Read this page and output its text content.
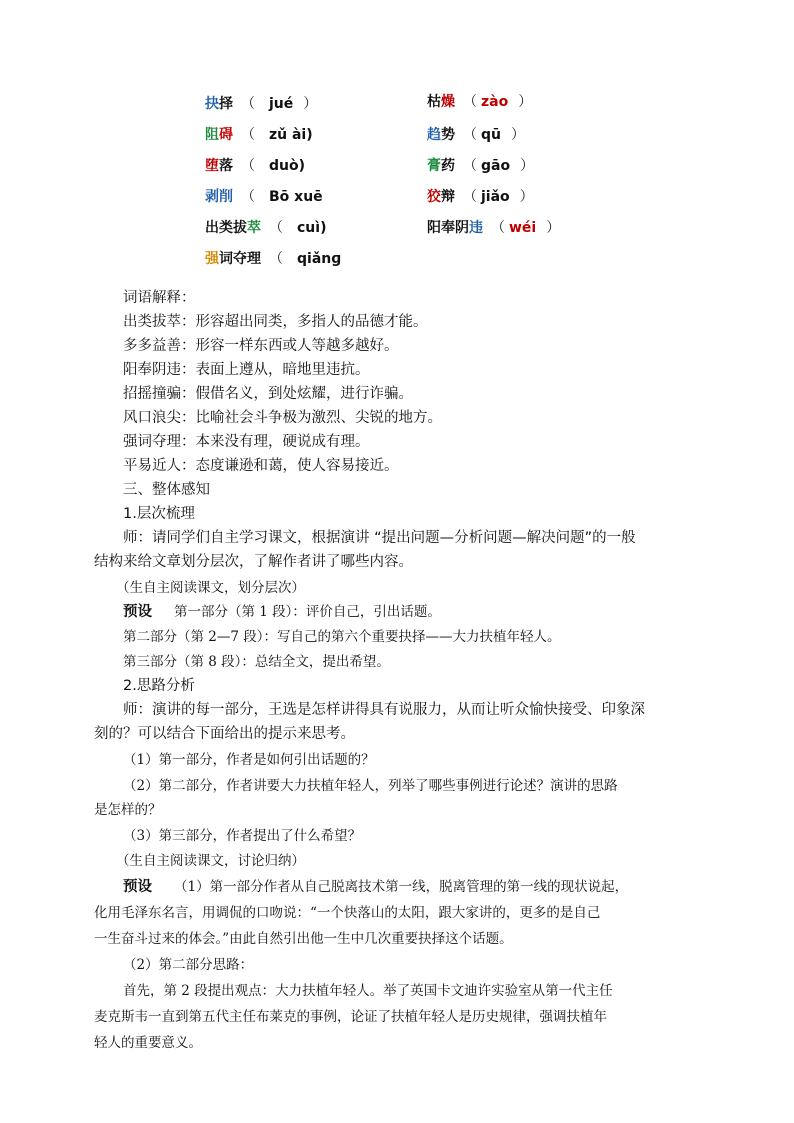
抉择 （ jué ）
阻碍 （ zǔ ài)
堕落 （ duò)
剥削 （ Bō xuē
出类拔萃 （ cuì)
强词夺理 （ qiǎnɡ
枯燥 （ zào ）
趋势 （ qū ）
膏药 （ gāo ）
狡辩 （ jiǎo ）
阳奉阴违 （ wéi ）
词语解释：
出类拔萃：形容超出同类，多指人的品德才能。
多多益善：形容一样东西或人等越多越好。
阳奉阴违：表面上遵从，暗地里违抗。
招摇撞骗：假借名义，到处炫耀，进行诈骗。
风口浪尖：比喻社会斗争极为激烈、尖锐的地方。
强词夺理：本来没有理，硬说成有理。
平易近人：态度谦逊和蔼，使人容易接近。
三、整体感知
1.层次梳理
师：请同学们自主学习课文，根据演讲 “提出问题—分析问题—解决问题”的一般
结构来给文章划分层次，了解作者讲了哪些内容。
（生自主阅读课文，划分层次）
预设 第一部分（第 1 段）：评价自己，引出话题。
第二部分（第 2—7 段）：写自己的第六个重要抉择——大力扶植年轻人。
第三部分（第 8 段）：总结全文，提出希望。
2.思路分析
师：演讲的每一部分，王选是怎样讲得具有说服力，从而让听众愉快接受、印象深
刻的？可以结合下面给出的提示来思考。
（1）第一部分，作者是如何引出话题的？
（2）第二部分，作者讲要大力扶植年轻人，列举了哪些事例进行论述？演讲的思路
是怎样的？
（3）第三部分，作者提出了什么希望？
（生自主阅读课文，讨论归纳）
预设 （1）第一部分作者从自己脱离技术第一线，脱离管理的第一线的现状说起，
化用毛泽东名言，用调侃的口吻说：“一个快落山的太阳，跟大家讲的，更多的是自己
一生奋斗过来的体会。”由此自然引出他一生中几次重要抉择这个话题。
（2）第二部分思路：
首先，第 2 段提出观点：大力扶植年轻人。举了英国卡文迪许实验室从第一代主任
麦克斯韦一直到第五代主任布莱克的事例，论证了扶植年轻人是历史规律，强调扶植年
轻人的重要意义。
